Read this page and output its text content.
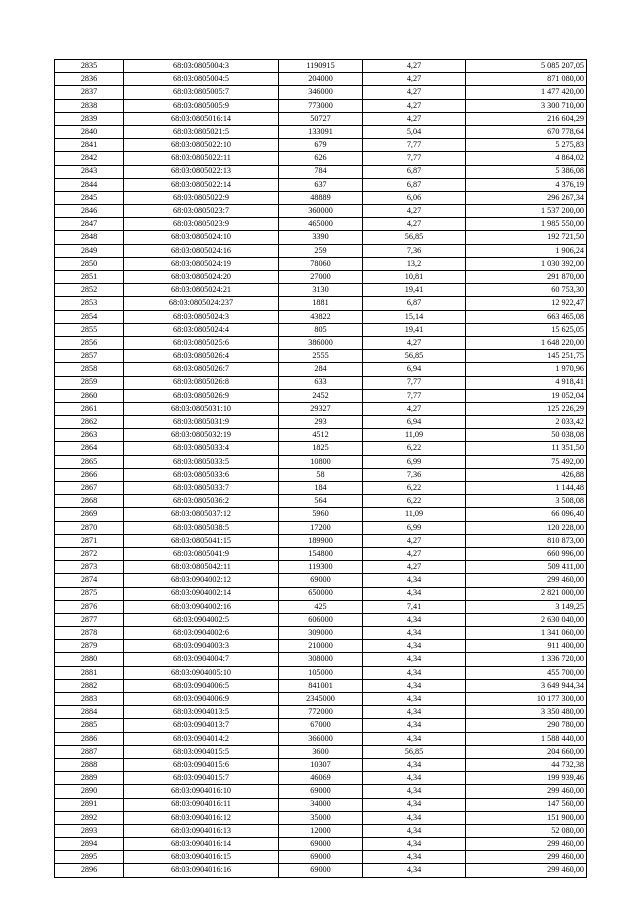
2835	68:03:0805004:3	1190915	4,27	5 085 207,05
2836	68:03:0805004:5	204000	4,27	871 080,00
2837	68:03:0805005:7	346000	4,27	1 477 420,00
2838	68:03:0805005:9	773000	4,27	3 300 710,00
2839	68:03:0805016:14	50727	4,27	216 604,29
2840	68:03:0805021:5	133091	5,04	670 778,64
2841	68:03:0805022:10	679	7,77	5 275,83
2842	68:03:0805022:11	626	7,77	4 864,02
2843	68:03:0805022:13	784	6,87	5 386,08
2844	68:03:0805022:14	637	6,87	4 376,19
2845	68:03:0805022:9	48889	6,06	296 267,34
2846	68:03:0805023:7	360000	4,27	1 537 200,00
2847	68:03:0805023:9	465000	4,27	1 985 550,00
2848	68:03:0805024:10	3390	56,85	192 721,50
2849	68:03:0805024:16	259	7,36	1 906,24
2850	68:03:0805024:19	78060	13,2	1 030 392,00
2851	68:03:0805024:20	27000	10,81	291 870,00
2852	68:03:0805024:21	3130	19,41	60 753,30
2853	68:03:0805024:237	1881	6,87	12 922,47
2854	68:03:0805024:3	43822	15,14	663 465,08
2855	68:03:0805024:4	805	19,41	15 625,05
2856	68:03:0805025:6	386000	4,27	1 648 220,00
2857	68:03:0805026:4	2555	56,85	145 251,75
2858	68:03:0805026:7	284	6,94	1 970,96
2859	68:03:0805026:8	633	7,77	4 918,41
2860	68:03:0805026:9	2452	7,77	19 052,04
2861	68:03:0805031:10	29327	4,27	125 226,29
2862	68:03:0805031:9	293	6,94	2 033,42
2863	68:03:0805032:19	4512	11,09	50 038,08
2864	68:03:0805033:4	1825	6,22	11 351,50
2865	68:03:0805033:5	10800	6,99	75 492,00
2866	68:03:0805033:6	58	7,36	426,88
2867	68:03:0805033:7	184	6,22	1 144,48
2868	68:03:0805036:2	564	6,22	3 508,08
2869	68:03:0805037:12	5960	11,09	66 096,40
2870	68:03:0805038:5	17200	6,99	120 228,00
2871	68:03:0805041:15	189900	4,27	810 873,00
2872	68:03:0805041:9	154800	4,27	660 996,00
2873	68:03:0805042:11	119300	4,27	509 411,00
2874	68:03:0904002:12	69000	4,34	299 460,00
2875	68:03:0904002:14	650000	4,34	2 821 000,00
2876	68:03:0904002:16	425	7,41	3 149,25
2877	68:03:0904002:5	606000	4,34	2 630 040,00
2878	68:03:0904002:6	309000	4,34	1 341 060,00
2879	68:03:0904003:3	210000	4,34	911 400,00
2880	68:03:0904004:7	308000	4,34	1 336 720,00
2881	68:03:0904005:10	105000	4,34	455 700,00
2882	68:03:0904006:5	841001	4,34	3 649 944,34
2883	68:03:0904006:9	2345000	4,34	10 177 300,00
2884	68:03:0904013:5	772000	4,34	3 350 480,00
2885	68:03:0904013:7	67000	4,34	290 780,00
2886	68:03:0904014:2	366000	4,34	1 588 440,00
2887	68:03:0904015:5	3600	56,85	204 660,00
2888	68:03:0904015:6	10307	4,34	44 732,38
2889	68:03:0904015:7	46069	4,34	199 939,46
2890	68:03:0904016:10	69000	4,34	299 460,00
2891	68:03:0904016:11	34000	4,34	147 560,00
2892	68:03:0904016:12	35000	4,34	151 900,00
2893	68:03:0904016:13	12000	4,34	52 080,00
2894	68:03:0904016:14	69000	4,34	299 460,00
2895	68:03:0904016:15	69000	4,34	299 460,00
2896	68:03:0904016:16	69000	4,34	299 460,00
